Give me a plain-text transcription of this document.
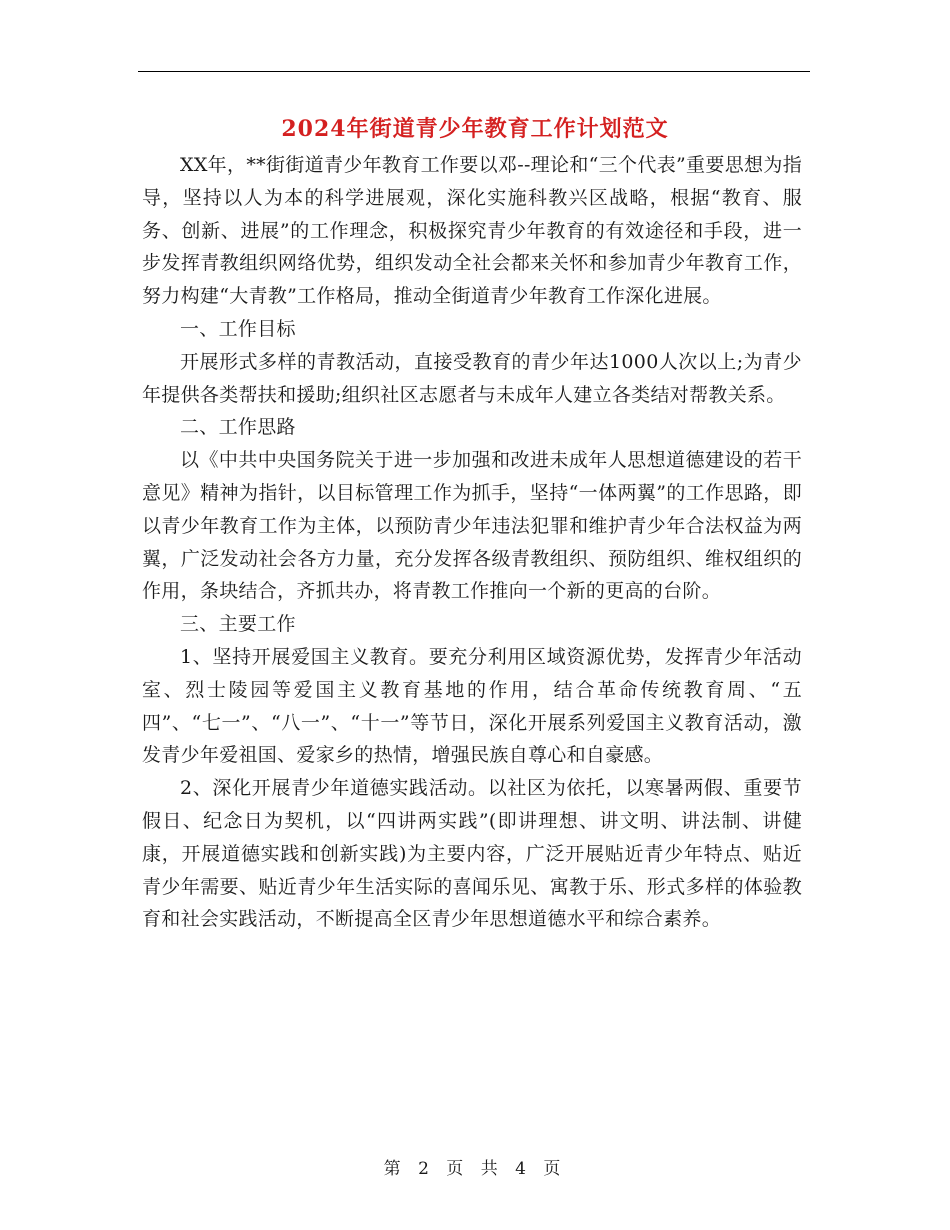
2024年街道青少年教育工作计划范文

XX年，**街街道青少年教育工作要以邓--理论和“三个代表”重要思想为指导，坚持以人为本的科学进展观，深化实施科教兴区战略，根据“教育、服务、创新、进展”的工作理念，积极探究青少年教育的有效途径和手段，进一步发挥青教组织网络优势，组织发动全社会都来关怀和参加青少年教育工作，努力构建“大青教”工作格局，推动全街道青少年教育工作深化进展。

一、工作目标

开展形式多样的青教活动，直接受教育的青少年达1000人次以上;为青少年提供各类帮扶和援助;组织社区志愿者与未成年人建立各类结对帮教关系。

二、工作思路

以《中共中央国务院关于进一步加强和改进未成年人思想道德建设的若干意见》精神为指针，以目标管理工作为抓手，坚持“一体两翼”的工作思路，即以青少年教育工作为主体，以预防青少年违法犯罪和维护青少年合法权益为两翼，广泛发动社会各方力量，充分发挥各级青教组织、预防组织、维权组织的作用，条块结合，齐抓共办，将青教工作推向一个新的更高的台阶。

三、主要工作

1、坚持开展爱国主义教育。要充分利用区域资源优势，发挥青少年活动室、烈士陵园等爱国主义教育基地的作用，结合革命传统教育周、“五四”、“七一”、“八一”、“十一”等节日，深化开展系列爱国主义教育活动，激发青少年爱祖国、爱家乡的热情，增强民族自尊心和自豪感。

2、深化开展青少年道德实践活动。以社区为依托，以寒暑两假、重要节假日、纪念日为契机，以“四讲两实践”(即讲理想、讲文明、讲法制、讲健康，开展道德实践和创新实践)为主要内容，广泛开展贴近青少年特点、贴近青少年需要、贴近青少年生活实际的喜闻乐见、寓教于乐、形式多样的体验教育和社会实践活动，不断提高全区青少年思想道德水平和综合素养。

第 2 页 共 4 页
